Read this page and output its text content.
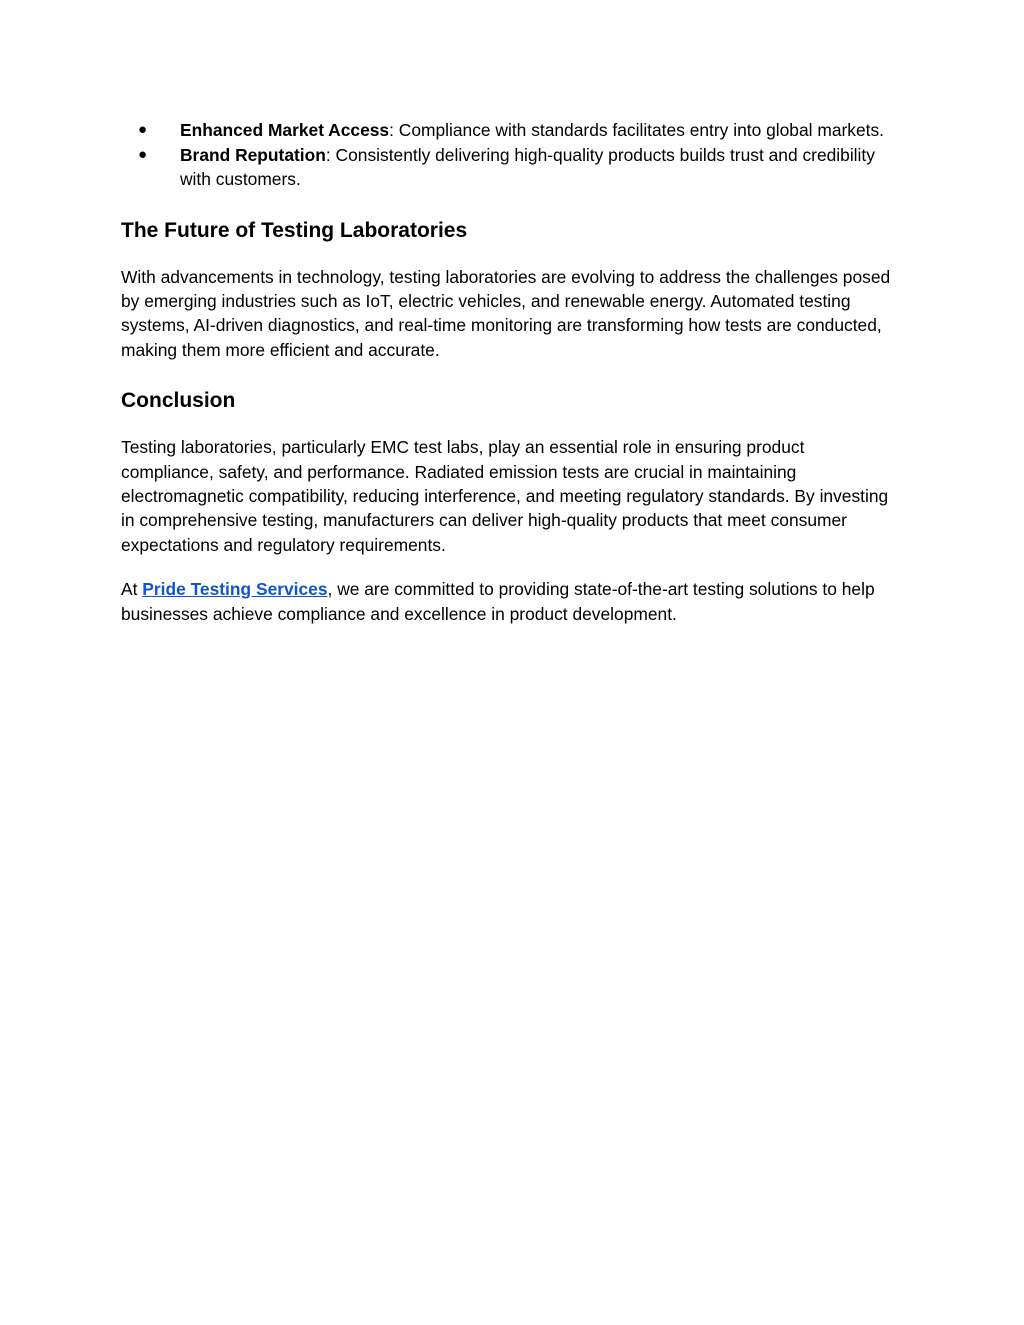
● Enhanced Market Access: Compliance with standards facilitates entry into global markets.
● Brand Reputation: Consistently delivering high-quality products builds trust and credibility with customers.
The Future of Testing Laboratories

With advancements in technology, testing laboratories are evolving to address the challenges posed by emerging industries such as IoT, electric vehicles, and renewable energy. Automated testing systems, AI-driven diagnostics, and real-time monitoring are transforming how tests are conducted, making them more efficient and accurate.

Conclusion

Testing laboratories, particularly EMC test labs, play an essential role in ensuring product compliance, safety, and performance. Radiated emission tests are crucial in maintaining electromagnetic compatibility, reducing interference, and meeting regulatory standards. By investing in comprehensive testing, manufacturers can deliver high-quality products that meet consumer expectations and regulatory requirements.

At Pride Testing Services, we are committed to providing state-of-the-art testing solutions to help businesses achieve compliance and excellence in product development.
